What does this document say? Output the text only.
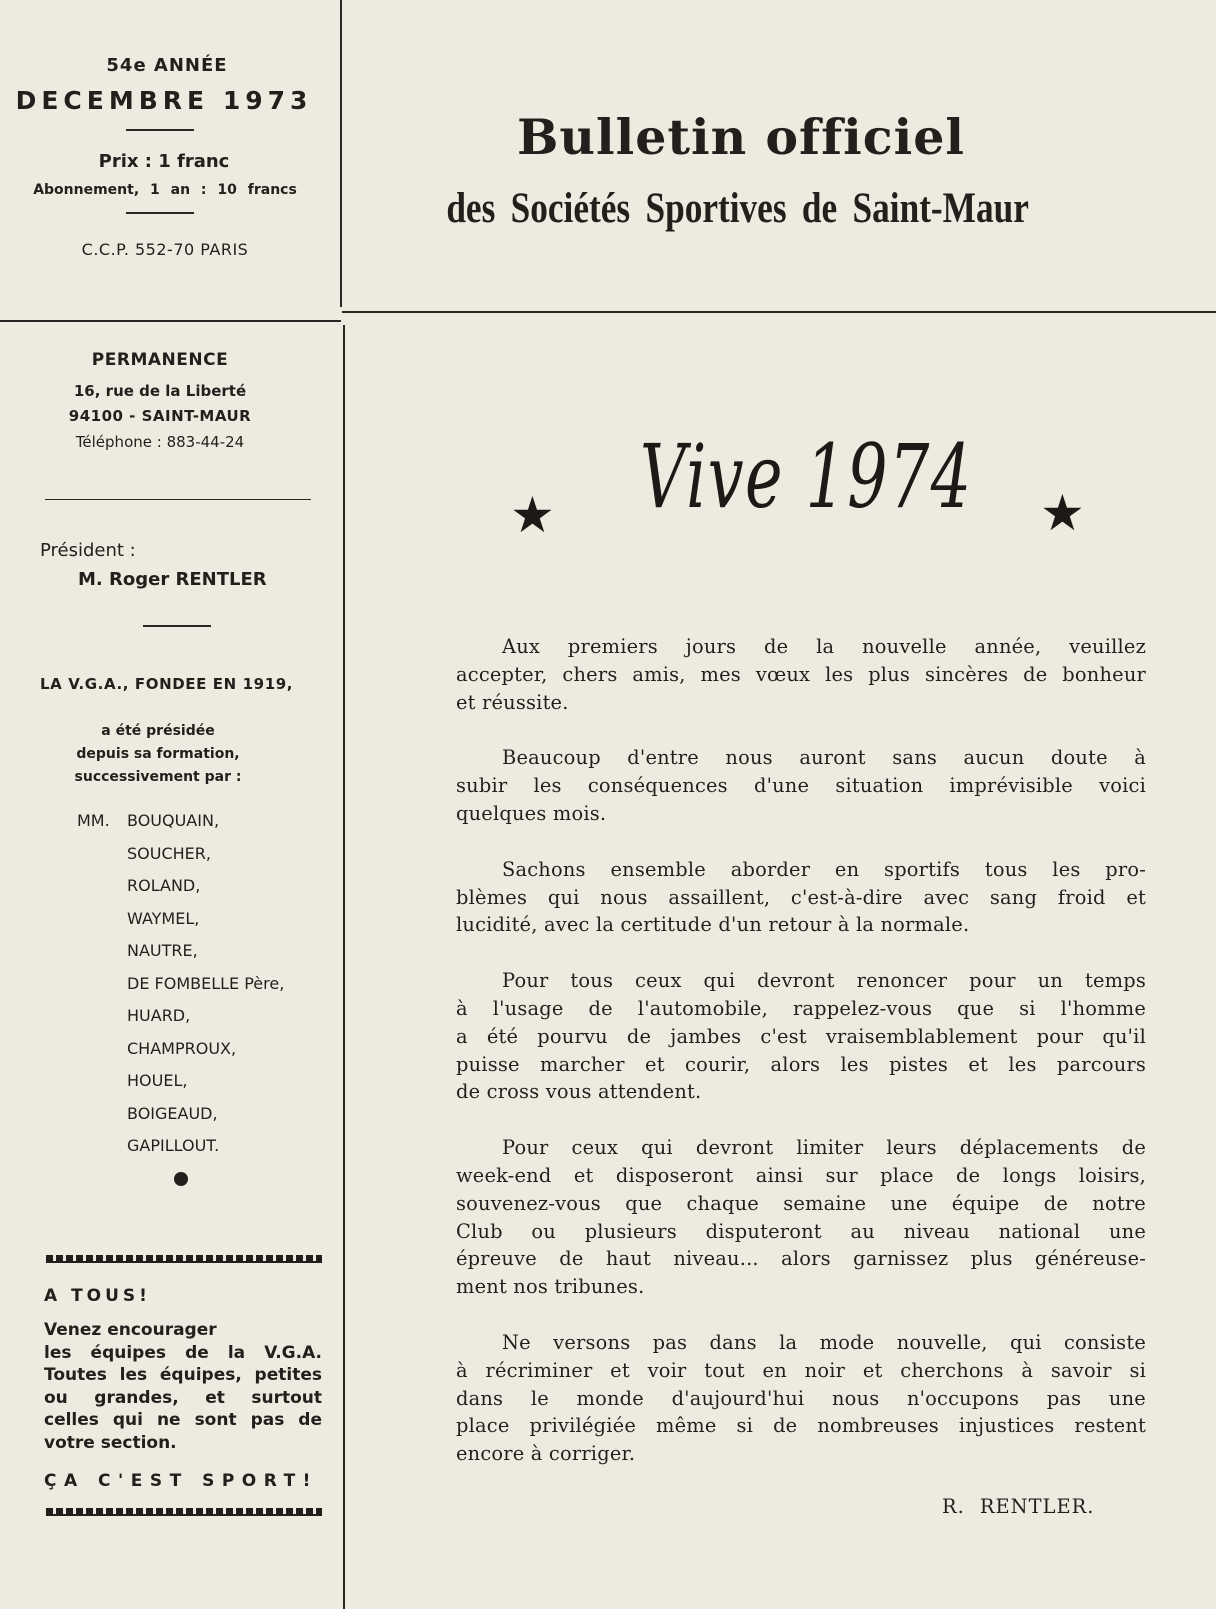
54e ANNÉE
DECEMBRE 1973
Prix : 1 franc
Abonnement, 1 an : 10 francs
C.C.P. 552-70 PARIS
Bulletin officiel
des Sociétés Sportives de Saint-Maur
PERMANENCE
16, rue de la Liberté
94100 - SAINT-MAUR
Téléphone : 883-44-24
Président :
M. Roger RENTLER
LA V.G.A., FONDEE EN 1919,
a été présidée
depuis sa formation,
successivement par :
MM. BOUQUAIN,
SOUCHER,
ROLAND,
WAYMEL,
NAUTRE,
DE FOMBELLE Père,
HUARD,
CHAMPROUX,
HOUEL,
BOIGEAUD,
GAPILLOUT.
A TOUS!
Venez encourager
les équipes de la V.G.A.
Toutes les équipes, petites
ou grandes, et surtout
celles qui ne sont pas de
votre section.
ÇA C'EST SPORT!
★ Vive 1974 ★

Aux premiers jours de la nouvelle année, veuillez
accepter, chers amis, mes vœux les plus sincères de bonheur
et réussite.

Beaucoup d'entre nous auront sans aucun doute à
subir les conséquences d'une situation imprévisible voici
quelques mois.

Sachons ensemble aborder en sportifs tous les pro-
blèmes qui nous assaillent, c'est-à-dire avec sang froid et
lucidité, avec la certitude d'un retour à la normale.

Pour tous ceux qui devront renoncer pour un temps
à l'usage de l'automobile, rappelez-vous que si l'homme
a été pourvu de jambes c'est vraisemblablement pour qu'il
puisse marcher et courir, alors les pistes et les parcours
de cross vous attendent.

Pour ceux qui devront limiter leurs déplacements de
week-end et disposeront ainsi sur place de longs loisirs,
souvenez-vous que chaque semaine une équipe de notre
Club ou plusieurs disputeront au niveau national une
épreuve de haut niveau... alors garnissez plus généreuse-
ment nos tribunes.

Ne versons pas dans la mode nouvelle, qui consiste
à récriminer et voir tout en noir et cherchons à savoir si
dans le monde d'aujourd'hui nous n'occupons pas une
place privilégiée même si de nombreuses injustices restent
encore à corriger.

R. RENTLER.
